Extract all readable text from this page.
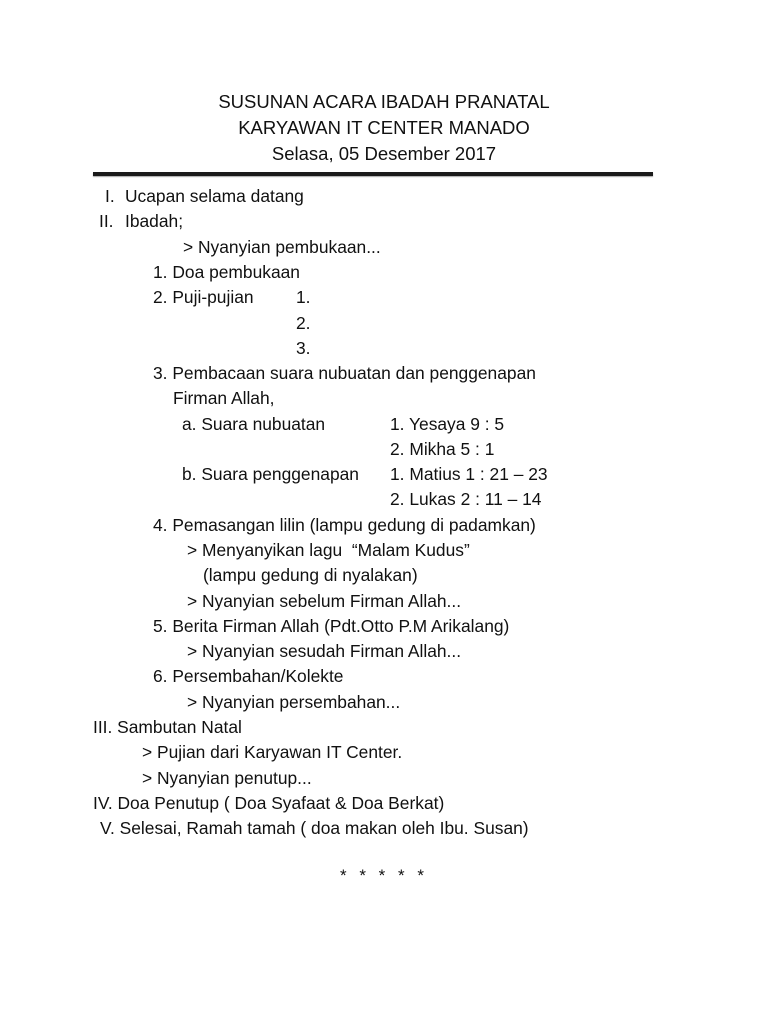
SUSUNAN ACARA IBADAH PRANATAL
KARYAWAN IT CENTER MANADO
Selasa, 05 Desember 2017
I. Ucapan selama datang
II. Ibadah;
> Nyanyian pembukaan...
1. Doa pembukaan
2. Puji-pujian 1.
2.
3.
3. Pembacaan suara nubuatan dan penggenapan
Firman Allah,
a. Suara nubuatan	1. Yesaya 9 : 5
2. Mikha 5 : 1
b. Suara penggenapan 1. Matius 1 : 21 – 23
2. Lukas 2 : 11 – 14
4. Pemasangan lilin (lampu gedung di padamkan)
> Menyanyikan lagu  “Malam Kudus”
(lampu gedung di nyalakan)
> Nyanyian sebelum Firman Allah...
5. Berita Firman Allah (Pdt.Otto P.M Arikalang)
> Nyanyian sesudah Firman Allah...
6. Persembahan/Kolekte
> Nyanyian persembahan...
III. Sambutan Natal
> Pujian dari Karyawan IT Center.
> Nyanyian penutup...
IV. Doa Penutup ( Doa Syafaat & Doa Berkat)
V. Selesai, Ramah tamah ( doa makan oleh Ibu. Susan)
* * * * *
